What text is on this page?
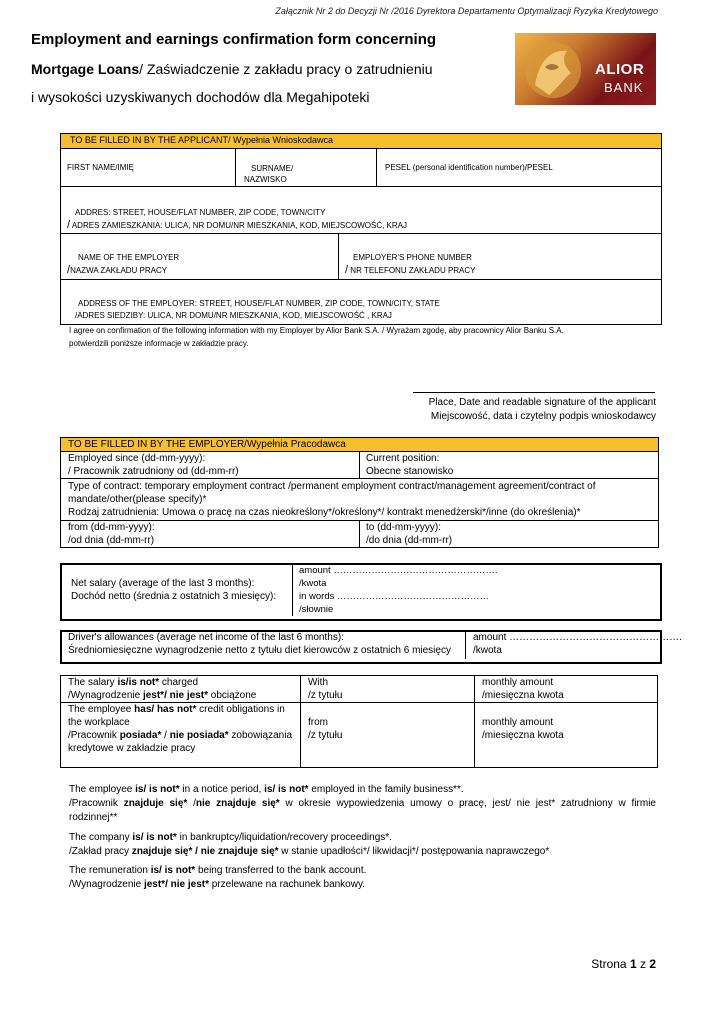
Załącznik Nr 2 do Decyzji Nr /2016 Dyrektora Departamentu Optymalizacji Ryzyka Kredytowego
Employment and earnings confirmation form concerning
Mortgage Loans/ Zaświadczenie z zakładu pracy o zatrudnieniu
i wysokości uzyskiwanych dochodów dla Megahipoteki
ALIOR
BANK
TO BE FILLED IN BY THE APPLICANT/ Wypełnia Wnioskodawca
FIRST NAME/IMIĘ	SURNAME/
NAZWISKO
PESEL (personal identification number)/PESEL
ADDRES: STREET, HOUSE/FLAT NUMBER, ZIP CODE, TOWN/CITY
/ ADRES ZAMIESZKANIA: ULICA, NR DOMU/NR MIESZKANIA, KOD, MIEJSCOWOŚĆ, KRAJ
NAME OF THE EMPLOYER
/NAZWA ZAKŁADU PRACY
EMPLOYER'S PHONE NUMBER
/ NR TELEFONU ZAKŁADU PRACY
ADDRESS OF THE EMPLOYER: STREET, HOUSE/FLAT NUMBER, ZIP CODE, TOWN/CITY, STATE
/ADRES SIEDZIBY: ULICA, NR DOMU/NR MIESZKANIA, KOD, MIEJSCOWOŚĆ , KRAJ
I agree on confirmation of the following information with my Employer by Alior Bank S.A. / Wyrażam zgodę, aby pracownicy Alior Banku S.A.
potwierdzili poniższe informacje w zakładzie pracy.
Place, Date and readable signature of the applicant
Miejscowość, data i czytelny podpis wnioskodawcy
TO BE FILLED IN BY THE EMPLOYER/Wypełnia Pracodawca
Employed since (dd-mm-yyyy):
/ Pracownik zatrudniony od (dd-mm-rr)
Current position:
Obecne stanowisko
Type of contract: temporary employment contract /permanent employment contract/management agreement/contract of
mandate/other(please specify)*
Rodzaj zatrudnienia: Umowa o pracę na czas nieokreślony*/określony*/ kontrakt menedżerski*/inne (do określenia)*
from (dd-mm-yyyy):
/od dnia (dd-mm-rr)
to (dd-mm-yyyy):
/do dnia (dd-mm-rr)
Net salary (average of the last 3 months):
Dochód netto (średnia z ostatnich 3 miesięcy):
amount …………………………………………….
/kwota
in words …………………………………………
/słownie
Driver's allowances (average net income of the last 6 months):
Średniomiesięczne wynagrodzenie netto z tytułu diet kierowców z ostatnich 6 miesięcy
amount …………………………………………….
/kwota
The salary is/is not* charged
/Wynagrodzenie jest*/ nie jest* obciążone
With
/z tytułu
monthly amount
/miesięczna kwota
The employee has/ has not* credit obligations in
the workplace
/Pracownik posiada* / nie posiada* zobowiązania
kredytowe w zakładzie pracy
from
/z tytułu
monthly amount
/miesięczna kwota
The employee is/ is not* in a notice period, is/ is not* employed in the family business**.
/Pracownik znajduje się* /nie znajduje się* w okresie wypowiedzenia umowy o pracę, jest/ nie jest* zatrudniony w firmie
rodzinnej**
The company is/ is not* in bankruptcy/liquidation/recovery proceedings*.
/Zakład pracy znajduje się* / nie znajduje się* w stanie upadłości*/ likwidacji*/ postępowania naprawczego*
The remuneration is/ is not* being transferred to the bank account.
/Wynagrodzenie jest*/ nie jest* przelewane na rachunek bankowy.
Strona 1 z 2
